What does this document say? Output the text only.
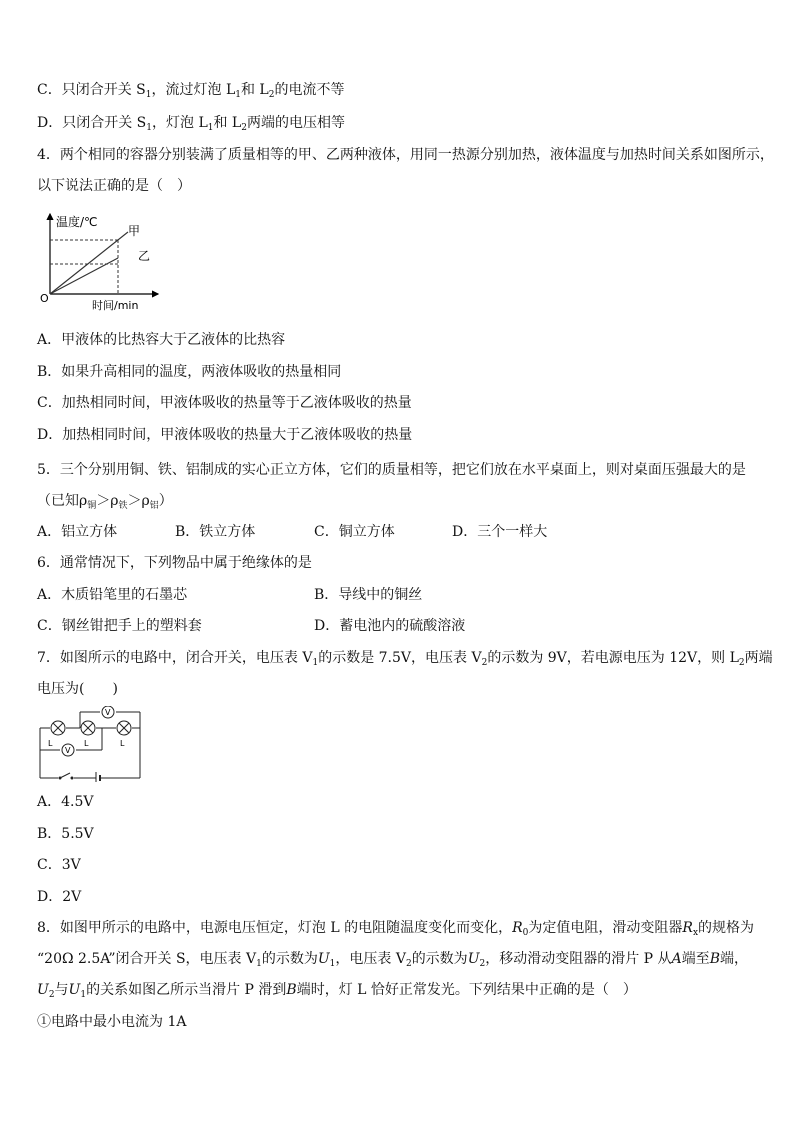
C．只闭合开关 $S_1$，流过灯泡 $L_1$和 $L_2$的电流不等
D．只闭合开关 $S_1$，灯泡 $L_1$和 $L_2$两端的电压相等
4．两个相同的容器分别装满了质量相等的甲、乙两种液体，用同一热源分别加热，液体温度与加热时间关系如图所示，
以下说法正确的是（　）
温度/℃
时间/min
O
甲
乙
A．甲液体的比热容大于乙液体的比热容
B．如果升高相同的温度，两液体吸收的热量相同
C．加热相同时间，甲液体吸收的热量等于乙液体吸收的热量
D．加热相同时间，甲液体吸收的热量大于乙液体吸收的热量
5．三个分别用铜、铁、铝制成的实心正立方体，它们的质量相等，把它们放在水平桌面上，则对桌面压强最大的是
（已知$\rho_铜>\rho_铁>\rho_铝$）
A．铝立方体	B．铁立方体	C．铜立方体	D．三个一样大
6．通常情况下，下列物品中属于绝缘体的是
A．木质铅笔里的石墨芯	B．导线中的铜丝
C．钢丝钳把手上的塑料套	D．蓄电池内的硫酸溶液
7．如图所示的电路中，闭合开关，电压表 $V_1$的示数是 7.5V，电压表 $V_2$的示数为 9V，若电源电压为 12V，则 $L_2$两端
电压为(　　)
V
V
L	L	L
A．4.5V
B．5.5V
C．3V
D．2V
8．如图甲所示的电路中，电源电压恒定，灯泡 L 的电阻随温度变化而变化，$R_0$为定值电阻，滑动变阻器$R_x$的规格为
“20Ω 2.5A”闭合开关 S，电压表 $V_1$的示数为$U_1$，电压表 $V_2$的示数为$U_2$，移动滑动变阻器的滑片 P 从A端至B端，
$U_2$与$U_1$的关系如图乙所示当滑片 P 滑到B端时，灯 L 恰好正常发光。下列结果中正确的是（　）
①电路中最小电流为 1A
